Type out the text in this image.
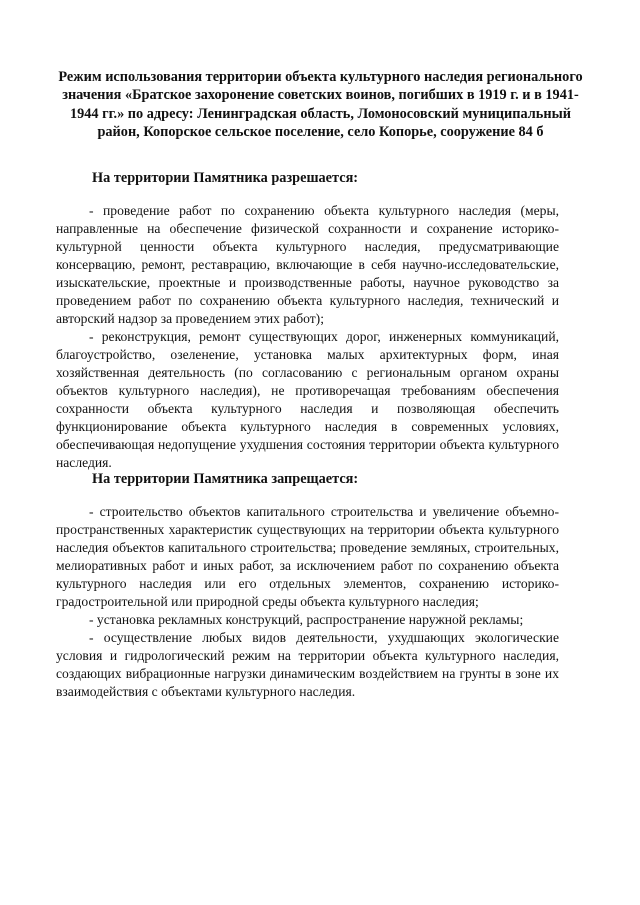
Режим использования территории объекта культурного наследия регионального значения «Братское захоронение советских воинов, погибших в 1919 г. и в 1941-1944 гг.» по адресу: Ленинградская область, Ломоносовский муниципальный район, Копорское сельское поселение, село Копорье, сооружение 84 б

На территории Памятника разрешается:

- проведение работ по сохранению объекта культурного наследия (меры, направленные на обеспечение физической сохранности и сохранение историко-культурной ценности объекта культурного наследия, предусматривающие консервацию, ремонт, реставрацию, включающие в себя научно-исследовательские, изыскательские, проектные и производственные работы, научное руководство за проведением работ по сохранению объекта культурного наследия, технический и авторский надзор за проведением этих работ);

- реконструкция, ремонт существующих дорог, инженерных коммуникаций, благоустройство, озеленение, установка малых архитектурных форм, иная хозяйственная деятельность (по согласованию с региональным органом охраны объектов культурного наследия), не противоречащая требованиям обеспечения сохранности объекта культурного наследия и позволяющая обеспечить функционирование объекта культурного наследия в современных условиях, обеспечивающая недопущение ухудшения состояния территории объекта культурного наследия.

На территории Памятника запрещается:

- строительство объектов капитального строительства и увеличение объемно-пространственных характеристик существующих на территории объекта культурного наследия объектов капитального строительства; проведение земляных, строительных, мелиоративных работ и иных работ, за исключением работ по сохранению объекта культурного наследия или его отдельных элементов, сохранению историко-градостроительной или природной среды объекта культурного наследия;

- установка рекламных конструкций, распространение наружной рекламы;

- осуществление любых видов деятельности, ухудшающих экологические условия и гидрологический режим на территории объекта культурного наследия, создающих вибрационные нагрузки динамическим воздействием на грунты в зоне их взаимодействия с объектами культурного наследия.
